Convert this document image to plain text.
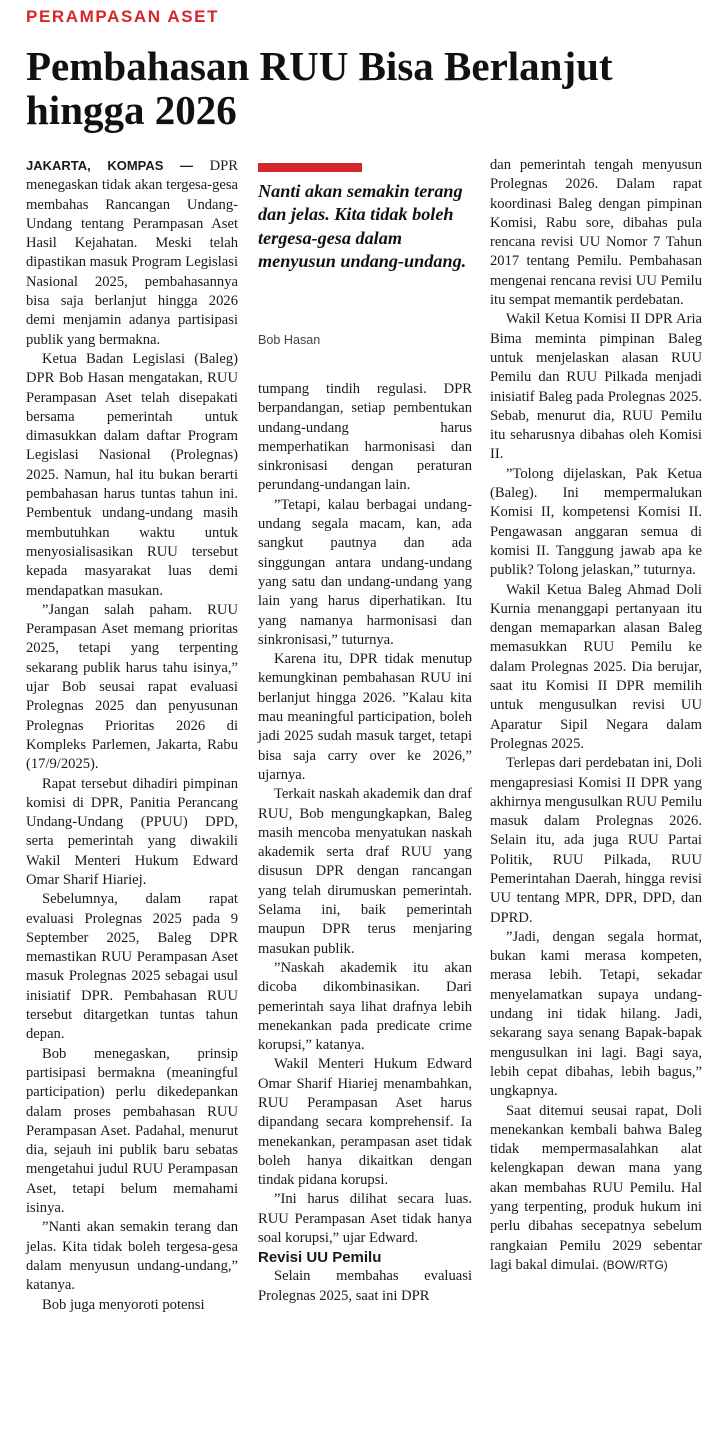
PERAMPASAN ASET
Pembahasan RUU Bisa Berlanjut hingga 2026

JAKARTA, KOMPAS — DPR menegaskan tidak akan tergesa-gesa membahas Rancangan Undang-Undang tentang Perampasan Aset Hasil Kejahatan. Meski telah dipastikan masuk Program Legislasi Nasional 2025, pembahasannya bisa saja berlanjut hingga 2026 demi menjamin adanya partisipasi publik yang bermakna.

Ketua Badan Legislasi (Baleg) DPR Bob Hasan mengatakan, RUU Perampasan Aset telah disepakati bersama pemerintah untuk dimasukkan dalam daftar Program Legislasi Nasional (Prolegnas) 2025. Namun, hal itu bukan berarti pembahasan harus tuntas tahun ini. Pembentuk undang-undang masih membutuhkan waktu untuk menyosialisasikan RUU tersebut kepada masyarakat luas demi mendapatkan masukan.

”Jangan salah paham. RUU Perampasan Aset memang prioritas 2025, tetapi yang terpenting sekarang publik harus tahu isinya,” ujar Bob seusai rapat evaluasi Prolegnas 2025 dan penyusunan Prolegnas Prioritas 2026 di Kompleks Parlemen, Jakarta, Rabu (17/9/2025).

Rapat tersebut dihadiri pimpinan komisi di DPR, Panitia Perancang Undang-Undang (PPUU) DPD, serta pemerintah yang diwakili Wakil Menteri Hukum Edward Omar Sharif Hiariej.

Sebelumnya, dalam rapat evaluasi Prolegnas 2025 pada 9 September 2025, Baleg DPR memastikan RUU Perampasan Aset masuk Prolegnas 2025 sebagai usul inisiatif DPR. Pembahasan RUU tersebut ditargetkan tuntas tahun depan.

Bob menegaskan, prinsip partisipasi bermakna (meaningful participation) perlu dikedepankan dalam proses pembahasan RUU Perampasan Aset. Padahal, menurut dia, sejauh ini publik baru sebatas mengetahui judul RUU Perampasan Aset, tetapi belum memahami isinya.

”Nanti akan semakin terang dan jelas. Kita tidak boleh tergesa-gesa dalam menyusun undang-undang,” katanya.

Bob juga menyoroti potensi

Nanti akan semakin terang dan jelas. Kita tidak boleh tergesa-gesa dalam menyusun undang-undang.

Bob Hasan

tumpang tindih regulasi. DPR berpandangan, setiap pembentukan undang-undang harus memperhatikan harmonisasi dan sinkronisasi dengan peraturan perundang-undangan lain.

”Tetapi, kalau berbagai undang-undang segala macam, kan, ada sangkut pautnya dan ada singgungan antara undang-undang yang satu dan undang-undang yang lain yang harus diperhatikan. Itu yang namanya harmonisasi dan sinkronisasi,” tuturnya.

Karena itu, DPR tidak menutup kemungkinan pembahasan RUU ini berlanjut hingga 2026. ”Kalau kita mau meaningful participation, boleh jadi 2025 sudah masuk target, tetapi bisa saja carry over ke 2026,” ujarnya.

Terkait naskah akademik dan draf RUU, Bob mengungkapkan, Baleg masih mencoba menyatukan naskah akademik serta draf RUU yang disusun DPR dengan rancangan yang telah dirumuskan pemerintah. Selama ini, baik pemerintah maupun DPR terus menjaring masukan publik.

”Naskah akademik itu akan dicoba dikombinasikan. Dari pemerintah saya lihat drafnya lebih menekankan pada predicate crime korupsi,” katanya.

Wakil Menteri Hukum Edward Omar Sharif Hiariej menambahkan, RUU Perampasan Aset harus dipandang secara komprehensif. Ia menekankan, perampasan aset tidak boleh hanya dikaitkan dengan tindak pidana korupsi.

”Ini harus dilihat secara luas. RUU Perampasan Aset tidak hanya soal korupsi,” ujar Edward.

Revisi UU Pemilu

Selain membahas evaluasi Prolegnas 2025, saat ini DPR

dan pemerintah tengah menyusun Prolegnas 2026. Dalam rapat koordinasi Baleg dengan pimpinan Komisi, Rabu sore, dibahas pula rencana revisi UU Nomor 7 Tahun 2017 tentang Pemilu. Pembahasan mengenai rencana revisi UU Pemilu itu sempat memantik perdebatan.

Wakil Ketua Komisi II DPR Aria Bima meminta pimpinan Baleg untuk menjelaskan alasan RUU Pemilu dan RUU Pilkada menjadi inisiatif Baleg pada Prolegnas 2025. Sebab, menurut dia, RUU Pemilu itu seharusnya dibahas oleh Komisi II.

”Tolong dijelaskan, Pak Ketua (Baleg). Ini mempermalukan Komisi II, kompetensi Komisi II. Pengawasan anggaran semua di komisi II. Tanggung jawab apa ke publik? Tolong jelaskan,” tuturnya.

Wakil Ketua Baleg Ahmad Doli Kurnia menanggapi pertanyaan itu dengan memaparkan alasan Baleg memasukkan RUU Pemilu ke dalam Prolegnas 2025. Dia berujar, saat itu Komisi II DPR memilih untuk mengusulkan revisi UU Aparatur Sipil Negara dalam Prolegnas 2025.

Terlepas dari perdebatan ini, Doli mengapresiasi Komisi II DPR yang akhirnya mengusulkan RUU Pemilu masuk dalam Prolegnas 2026. Selain itu, ada juga RUU Partai Politik, RUU Pilkada, RUU Pemerintahan Daerah, hingga revisi UU tentang MPR, DPR, DPD, dan DPRD.

”Jadi, dengan segala hormat, bukan kami merasa kompeten, merasa lebih. Tetapi, sekadar menyelamatkan supaya undang-undang ini tidak hilang. Jadi, sekarang saya senang Bapak-bapak mengusulkan ini lagi. Bagi saya, lebih cepat dibahas, lebih bagus,” ungkapnya.

Saat ditemui seusai rapat, Doli menekankan kembali bahwa Baleg tidak mempermasalahkan alat kelengkapan dewan mana yang akan membahas RUU Pemilu. Hal yang terpenting, produk hukum ini perlu dibahas secepatnya sebelum rangkaian Pemilu 2029 sebentar lagi bakal dimulai. (BOW/RTG)
